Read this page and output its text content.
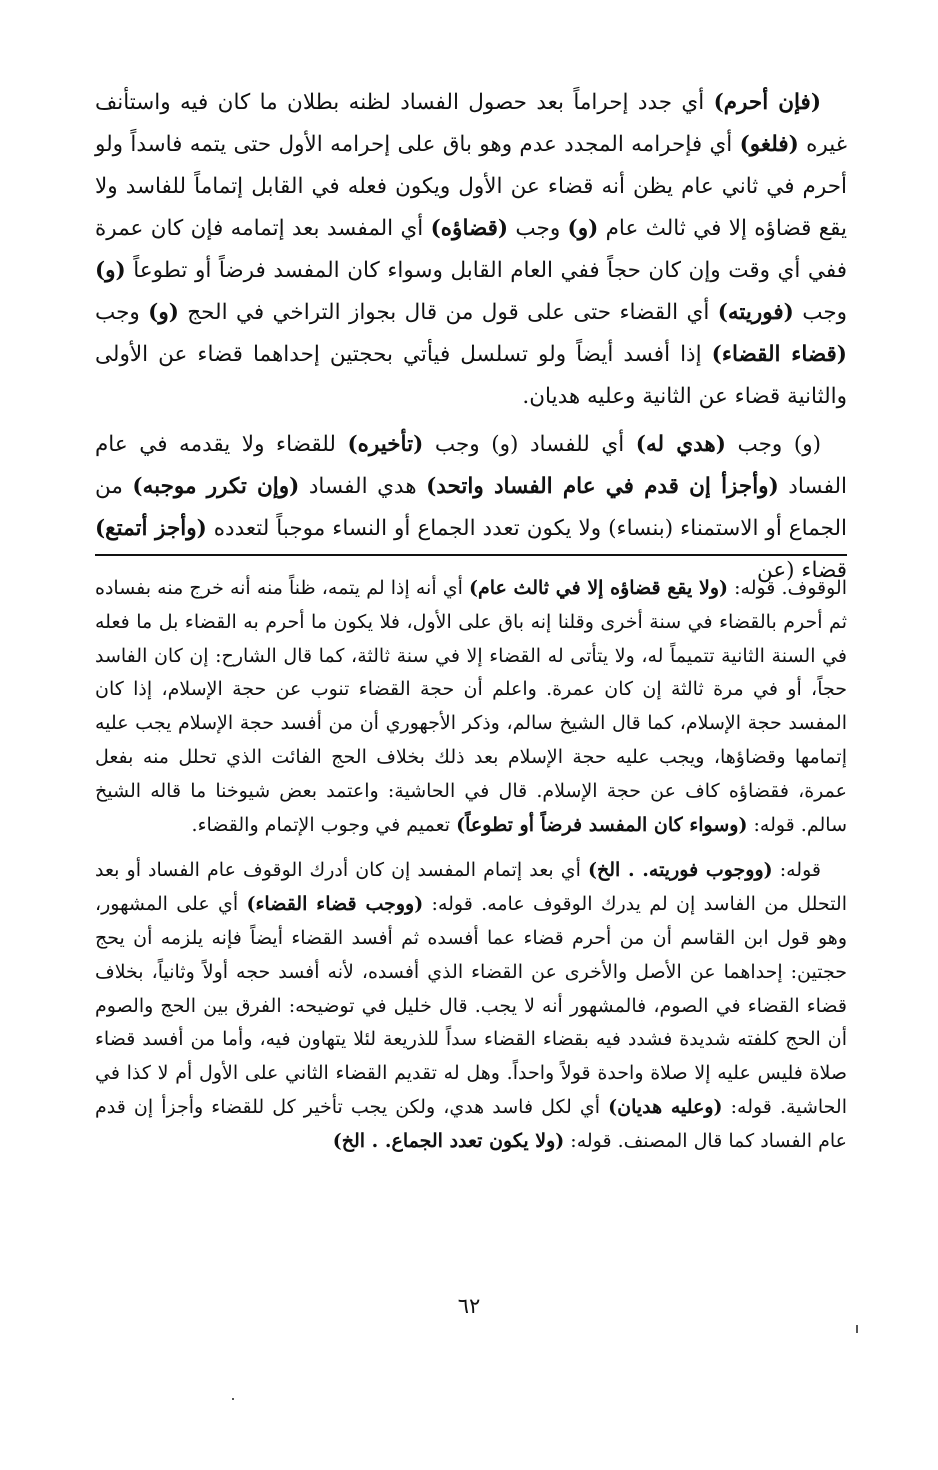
(فإن أحرم) أي جدد إحراماً بعد حصول الفساد لظنه بطلان ما كان فيه واستأنف غيره (فلغو) أي فإحرامه المجدد عدم وهو باق على إحرامه الأول حتى يتمه فاسداً ولو أحرم في ثاني عام يظن أنه قضاء عن الأول ويكون فعله في القابل إتماماً للفاسد ولا يقع قضاؤه إلا في ثالث عام (و) وجب (قضاؤه) أي المفسد بعد إتمامه فإن كان عمرة ففي أي وقت وإن كان حجاً ففي العام القابل وسواء كان المفسد فرضاً أو تطوعاً (و) وجب (فوريته) أي القضاء حتى على قول من قال بجواز التراخي في الحج (و) وجب (قضاء القضاء) إذا أفسد أيضاً ولو تسلسل فيأتي بحجتين إحداهما قضاء عن الأولى والثانية قضاء عن الثانية وعليه هديان.

(و) وجب (هدي له) أي للفساد (و) وجب (تأخيره) للقضاء ولا يقدمه في عام الفساد (وأجزأ إن قدم في عام الفساد واتحد) هدي الفساد (وإن تكرر موجبه) من الجماع أو الاستمناء (بنساء) ولا يكون تعدد الجماع أو النساء موجباً لتعدده (وأجز أتمتع) قضاء (عن

الوقوف. قوله: (ولا يقع قضاؤه إلا في ثالث عام) أي أنه إذا لم يتمه، ظناً منه أنه خرج منه بفساده ثم أحرم بالقضاء في سنة أخرى وقلنا إنه باق على الأول، فلا يكون ما أحرم به القضاء بل ما فعله في السنة الثانية تتميماً له، ولا يتأتى له القضاء إلا في سنة ثالثة، كما قال الشارح: إن كان الفاسد حجاً، أو في مرة ثالثة إن كان عمرة. واعلم أن حجة القضاء تنوب عن حجة الإسلام، إذا كان المفسد حجة الإسلام، كما قال الشيخ سالم، وذكر الأجهوري أن من أفسد حجة الإسلام يجب عليه إتمامها وقضاؤها، ويجب عليه حجة الإسلام بعد ذلك بخلاف الحج الفائت الذي تحلل منه بفعل عمرة، فقضاؤه كاف عن حجة الإسلام. قال في الحاشية: واعتمد بعض شيوخنا ما قاله الشيخ سالم. قوله: (وسواء كان المفسد فرضاً أو تطوعاً) تعميم في وجوب الإتمام والقضاء.

قوله: (ووجوب فوريته. . الخ) أي بعد إتمام المفسد إن كان أدرك الوقوف عام الفساد أو بعد التحلل من الفاسد إن لم يدرك الوقوف عامه. قوله: (ووجب قضاء القضاء) أي على المشهور، وهو قول ابن القاسم أن من أحرم قضاء عما أفسده ثم أفسد القضاء أيضاً فإنه يلزمه أن يحج حجتين: إحداهما عن الأصل والأخرى عن القضاء الذي أفسده، لأنه أفسد حجه أولاً وثانياً، بخلاف قضاء القضاء في الصوم، فالمشهور أنه لا يجب. قال خليل في توضيحه: الفرق بين الحج والصوم أن الحج كلفته شديدة فشدد فيه بقضاء القضاء سداً للذريعة لئلا يتهاون فيه، وأما من أفسد قضاء صلاة فليس عليه إلا صلاة واحدة قولاً واحداً. وهل له تقديم القضاء الثاني على الأول أم لا كذا في الحاشية. قوله: (وعليه هديان) أي لكل فاسد هدي، ولكن يجب تأخير كل للقضاء وأجزأ إن قدم عام الفساد كما قال المصنف. قوله: (ولا يكون تعدد الجماع. . الخ)

٦٢
